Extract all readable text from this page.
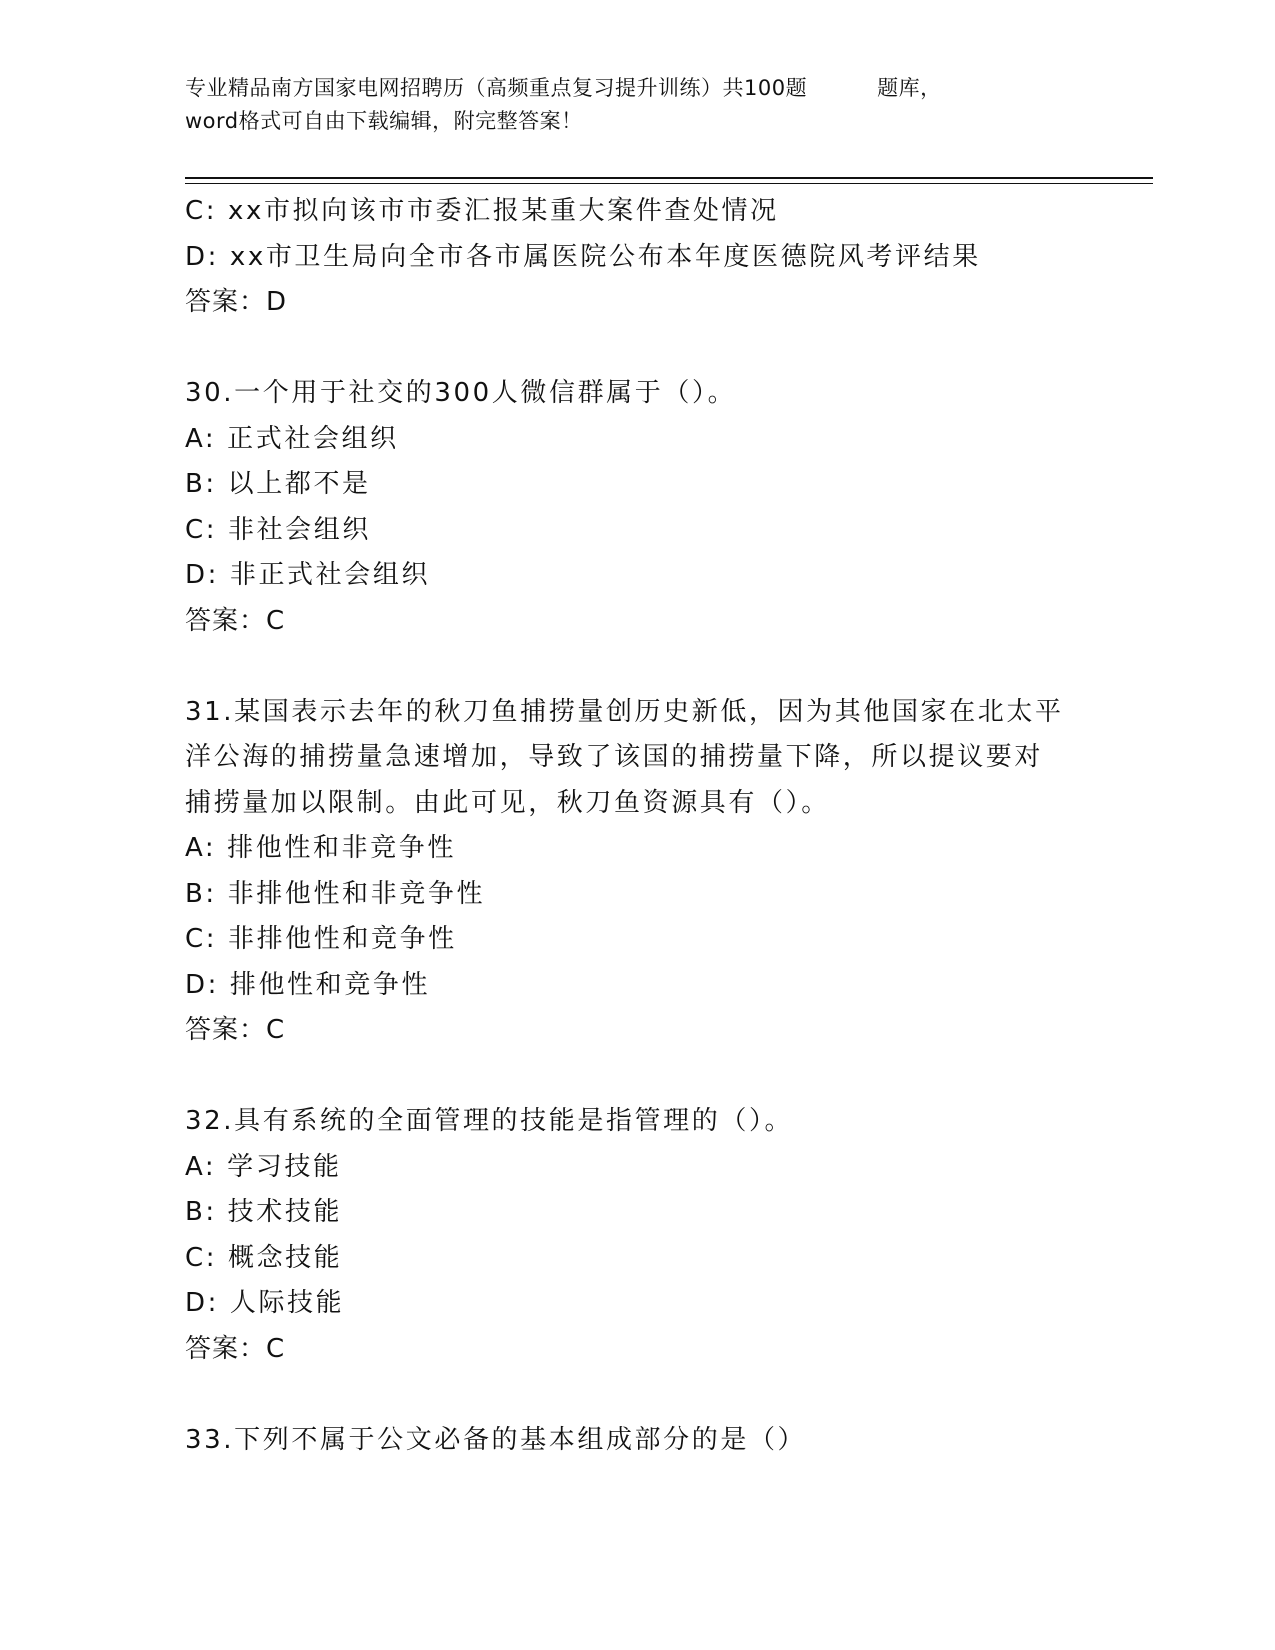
专业精品南方国家电网招聘历（高频重点复习提升训练）共100题	题库，
word格式可自由下载编辑，附完整答案！
C: xx市拟向该市市委汇报某重大案件查处情况
D: xx市卫生局向全市各市属医院公布本年度医德院风考评结果
答案：D
30.一个用于社交的300人微信群属于（）。
A: 正式社会组织
B: 以上都不是
C: 非社会组织
D: 非正式社会组织
答案：C
31.某国表示去年的秋刀鱼捕捞量创历史新低，因为其他国家在北太平
洋公海的捕捞量急速增加，导致了该国的捕捞量下降，所以提议要对
捕捞量加以限制。由此可见，秋刀鱼资源具有（）。
A: 排他性和非竞争性
B: 非排他性和非竞争性
C: 非排他性和竞争性
D: 排他性和竞争性
答案：C
32.具有系统的全面管理的技能是指管理的（）。
A: 学习技能
B: 技术技能
C: 概念技能
D: 人际技能
答案：C
33.下列不属于公文必备的基本组成部分的是（）
